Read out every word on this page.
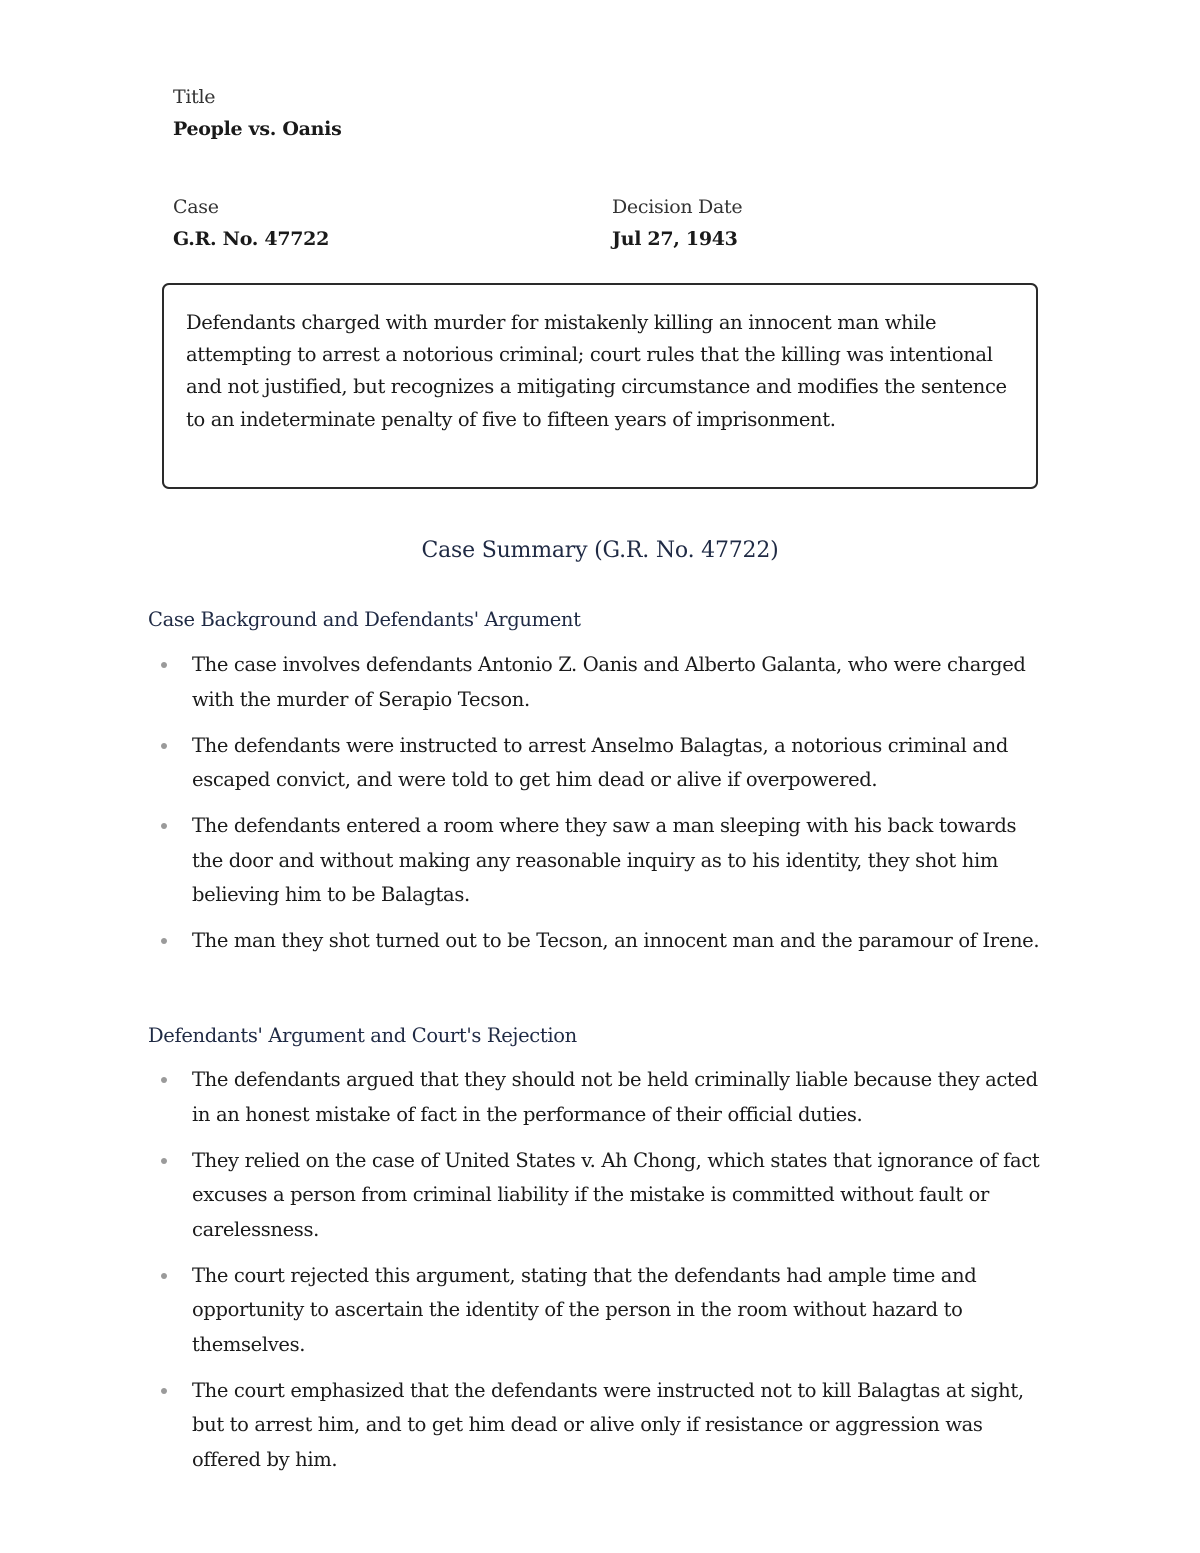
Title
People vs. Oanis
Case
G.R. No. 47722
Decision Date
Jul 27, 1943

Defendants charged with murder for mistakenly killing an innocent man while attempting to arrest a notorious criminal; court rules that the killing was intentional and not justified, but recognizes a mitigating circumstance and modifies the sentence to an indeterminate penalty of five to fifteen years of imprisonment.

Case Summary (G.R. No. 47722)
Case Background and Defendants' Argument
The case involves defendants Antonio Z. Oanis and Alberto Galanta, who were charged with the murder of Serapio Tecson.
The defendants were instructed to arrest Anselmo Balagtas, a notorious criminal and escaped convict, and were told to get him dead or alive if overpowered.
The defendants entered a room where they saw a man sleeping with his back towards the door and without making any reasonable inquiry as to his identity, they shot him believing him to be Balagtas.
The man they shot turned out to be Tecson, an innocent man and the paramour of Irene.
Defendants' Argument and Court's Rejection
The defendants argued that they should not be held criminally liable because they acted in an honest mistake of fact in the performance of their official duties.
They relied on the case of United States v. Ah Chong, which states that ignorance of fact excuses a person from criminal liability if the mistake is committed without fault or carelessness.
The court rejected this argument, stating that the defendants had ample time and opportunity to ascertain the identity of the person in the room without hazard to themselves.
The court emphasized that the defendants were instructed not to kill Balagtas at sight, but to arrest him, and to get him dead or alive only if resistance or aggression was offered by him.
